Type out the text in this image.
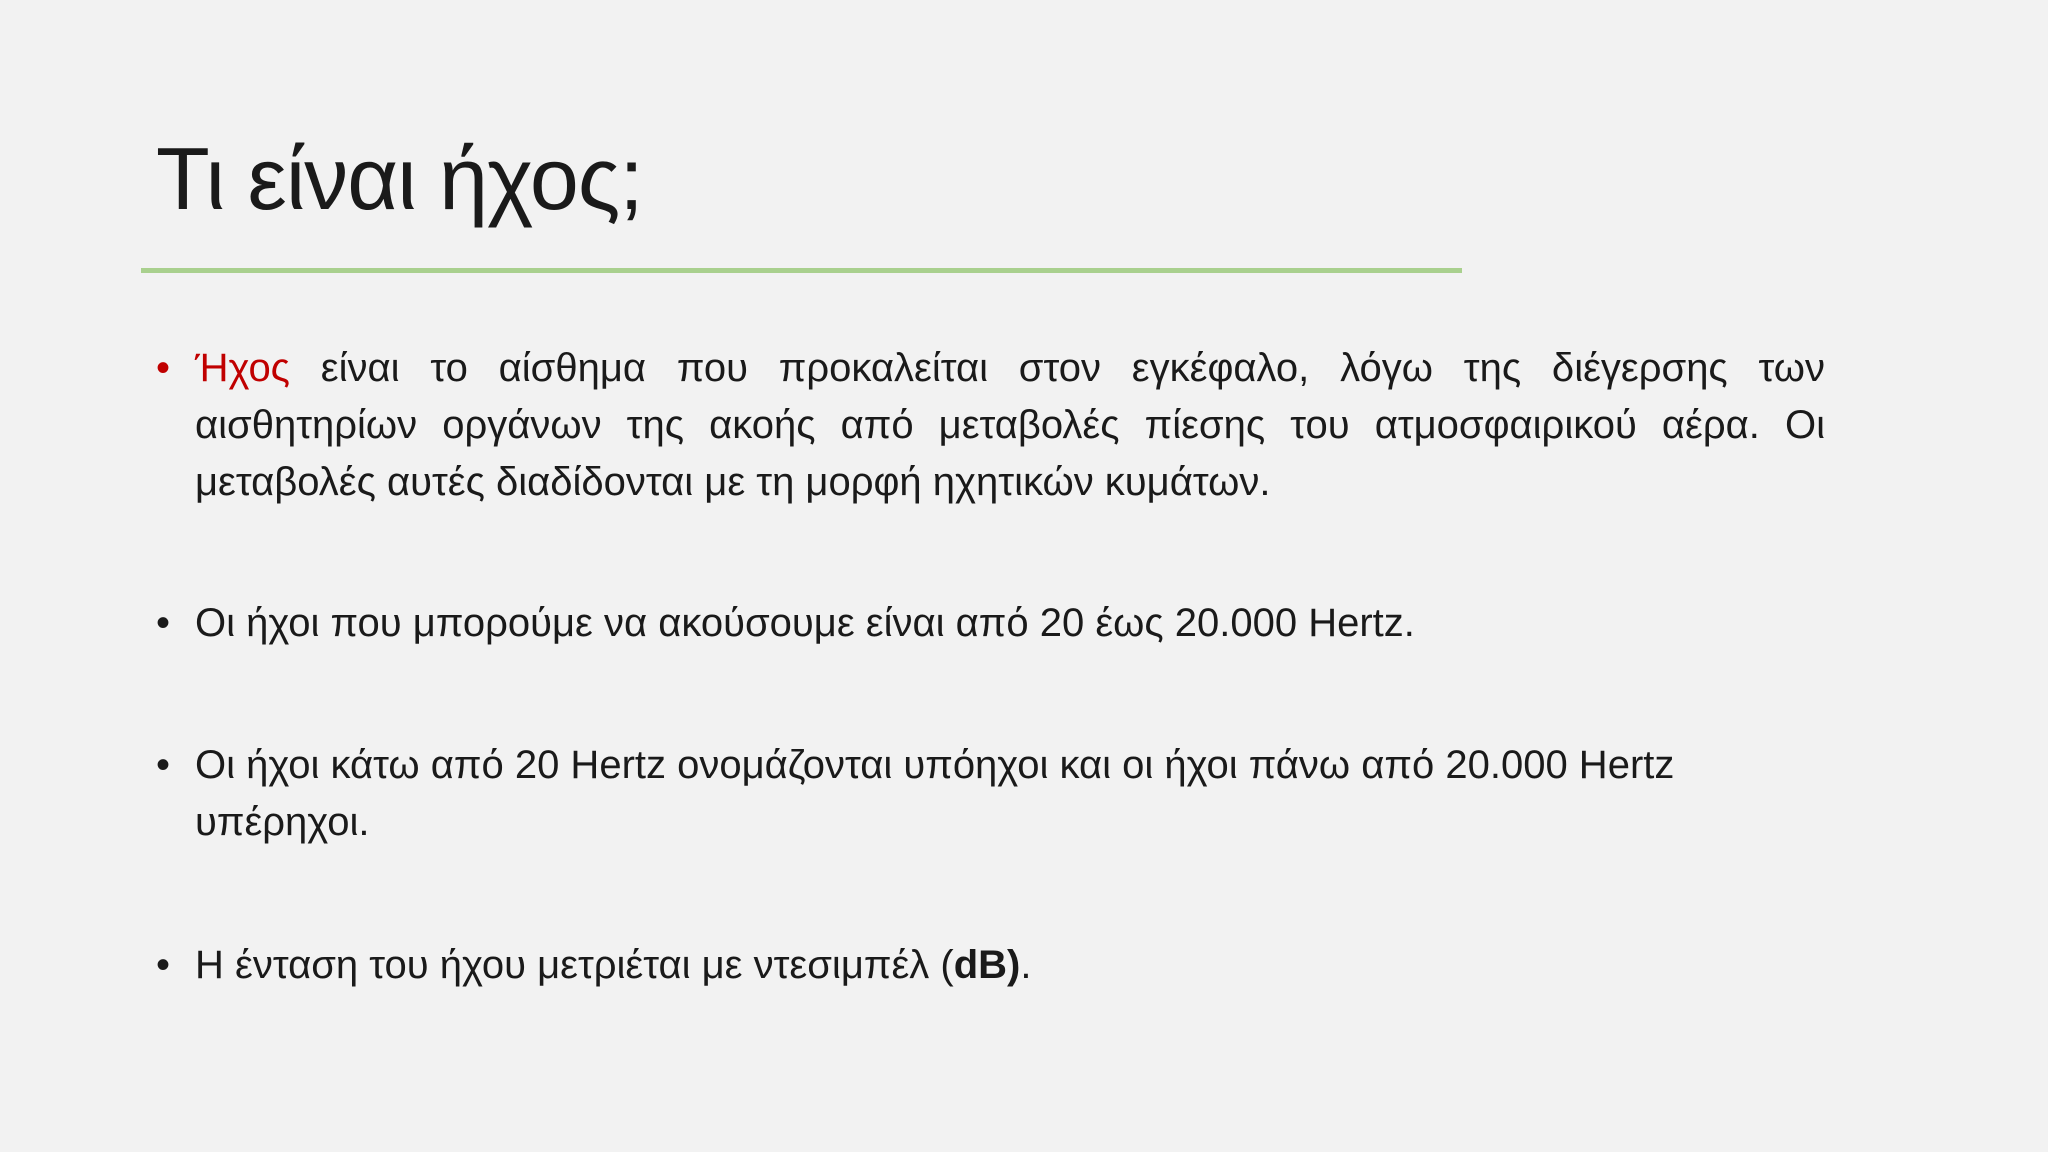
Τι είναι ήχος;
• Ήχος είναι το αίσθημα που προκαλείται στον εγκέφαλο, λόγω της διέγερσης των αισθητηρίων οργάνων της ακοής από μεταβολές πίεσης του ατμοσφαιρικού αέρα. Οι μεταβολές αυτές διαδίδονται με τη μορφή ηχητικών κυμάτων.
• Οι ήχοι που μπορούμε να ακούσουμε είναι από 20 έως 20.000 Hertz.
• Οι ήχοι κάτω από 20 Hertz ονομάζονται υπόηχοι και οι ήχοι πάνω από 20.000 Hertz υπέρηχοι.
• Η ένταση του ήχου μετριέται με ντεσιμπέλ (dB).
